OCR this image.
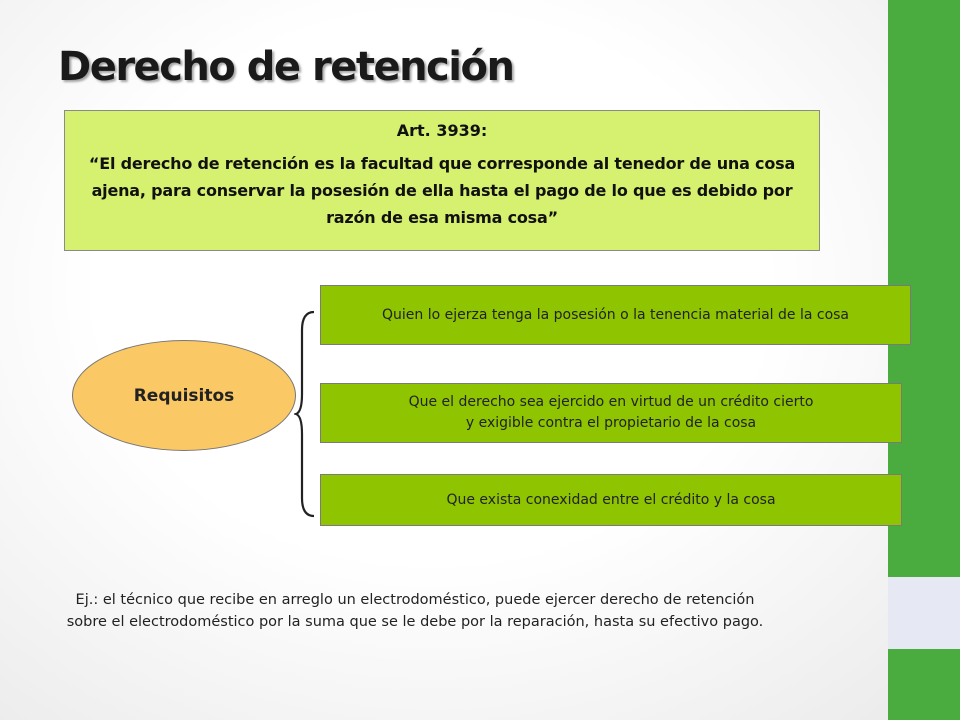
Derecho de retención

Art. 3939:

“El derecho de retención es la facultad que corresponde al tenedor de una cosa ajena, para conservar la posesión de ella hasta el pago de lo que es debido por razón de esa misma cosa”

Requisitos
Quien lo ejerza tenga la posesión o la tenencia material de la cosa
Que el derecho sea ejercido en virtud de un crédito cierto
y exigible contra el propietario de la cosa
Que exista conexidad entre el crédito y la cosa

Ej.: el técnico que recibe en arreglo un electrodoméstico, puede ejercer derecho de retención sobre el electrodoméstico por la suma que se le debe por la reparación, hasta su efectivo pago.
